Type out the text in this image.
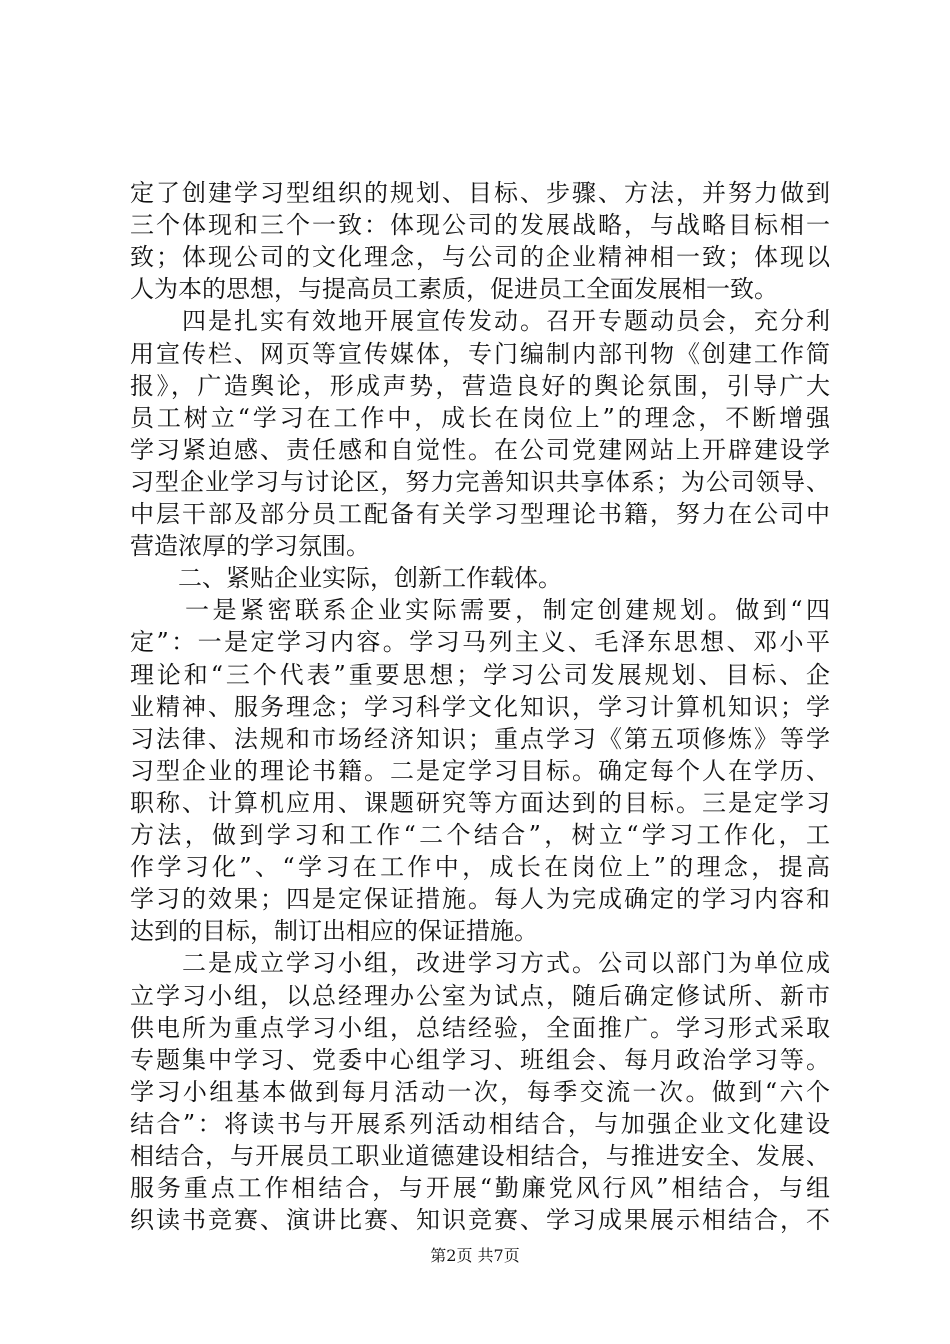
定了创建学习型组织的规划、目标、步骤、方法，并努力做到

三个体现和三个一致：体现公司的发展战略，与战略目标相一

致；体现公司的文化理念，与公司的企业精神相一致；体现以

人为本的思想，与提高员工素质，促进员工全面发展相一致。

　　四是扎实有效地开展宣传发动。召开专题动员会，充分利

用宣传栏、网页等宣传媒体，专门编制内部刊物《创建工作简

报》，广造舆论，形成声势，营造良好的舆论氛围，引导广大

员工树立“学习在工作中，成长在岗位上”的理念，不断增强

学习紧迫感、责任感和自觉性。在公司党建网站上开辟建设学

习型企业学习与讨论区，努力完善知识共享体系；为公司领导、

中层干部及部分员工配备有关学习型理论书籍，努力在公司中

营造浓厚的学习氛围。

　　二、紧贴企业实际，创新工作载体。

　　一是紧密联系企业实际需要，制定创建规划。做到“四

定”：一是定学习内容。学习马列主义、毛泽东思想、邓小平

理论和“三个代表”重要思想；学习公司发展规划、目标、企

业精神、服务理念；学习科学文化知识，学习计算机知识；学

习法律、法规和市场经济知识；重点学习《第五项修炼》等学

习型企业的理论书籍。二是定学习目标。确定每个人在学历、

职称、计算机应用、课题研究等方面达到的目标。三是定学习

方法，做到学习和工作“二个结合”，树立“学习工作化，工

作学习化”、“学习在工作中，成长在岗位上”的理念，提高

学习的效果；四是定保证措施。每人为完成确定的学习内容和

达到的目标，制订出相应的保证措施。

　　二是成立学习小组，改进学习方式。公司以部门为单位成

立学习小组，以总经理办公室为试点，随后确定修试所、新市

供电所为重点学习小组，总结经验，全面推广。学习形式采取

专题集中学习、党委中心组学习、班组会、每月政治学习等。

学习小组基本做到每月活动一次，每季交流一次。做到“六个

结合”：将读书与开展系列活动相结合，与加强企业文化建设

相结合，与开展员工职业道德建设相结合，与推进安全、发展、

服务重点工作相结合，与开展“勤廉党风行风”相结合，与组

织读书竞赛、演讲比赛、知识竞赛、学习成果展示相结合，不

第2页 共7页
